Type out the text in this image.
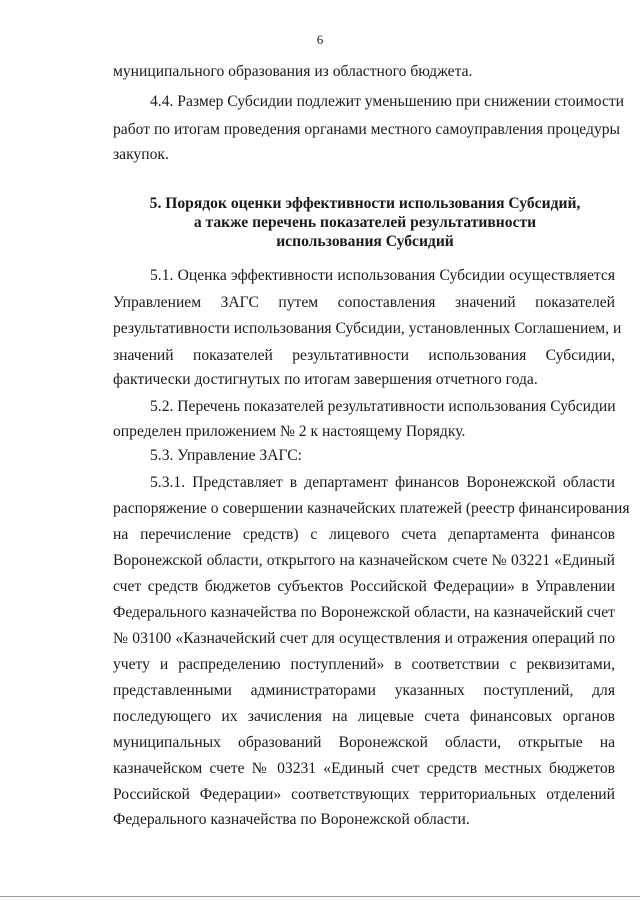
6
муниципального образования из областного бюджета.
4.4. Размер Субсидии подлежит уменьшению при снижении стоимости
работ по итогам проведения органами местного самоуправления процедуры
закупок.
5. Порядок оценки эффективности использования Субсидий,
а также перечень показателей результативности
использования Субсидий
5.1. Оценка эффективности использования Субсидии осуществляется
Управлением ЗАГС путем сопоставления значений показателей
результативности использования Субсидии, установленных Соглашением, и
значений показателей результативности использования Субсидии,
фактически достигнутых по итогам завершения отчетного года.
5.2. Перечень показателей результативности использования Субсидии
определен приложением № 2 к настоящему Порядку.
5.3. Управление ЗАГС:
5.3.1. Представляет в департамент финансов Воронежской области
распоряжение о совершении казначейских платежей (реестр финансирования
на перечисление средств) с лицевого счета департамента финансов
Воронежской области, открытого на казначейском счете № 03221 «Единый
счет средств бюджетов субъектов Российской Федерации» в Управлении
Федерального казначейства по Воронежской области, на казначейский счет
№ 03100 «Казначейский счет для осуществления и отражения операций по
учету и распределению поступлений» в соответствии с реквизитами,
представленными администраторами указанных поступлений, для
последующего их зачисления на лицевые счета финансовых органов
муниципальных образований Воронежской области, открытые на
казначейском счете № 03231 «Единый счет средств местных бюджетов
Российской Федерации» соответствующих территориальных отделений
Федерального казначейства по Воронежской области.
